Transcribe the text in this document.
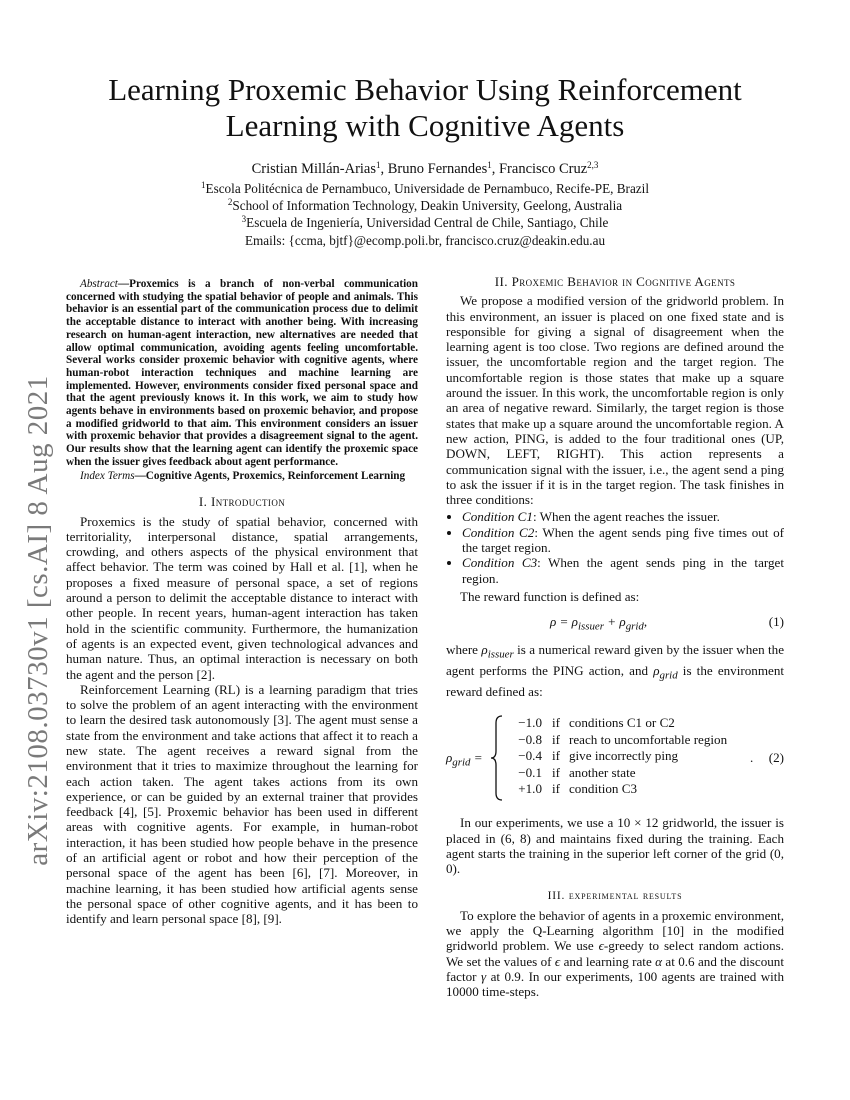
arXiv:2108.03730v1 [cs.AI] 8 Aug 2021
Learning Proxemic Behavior Using Reinforcement
Learning with Cognitive Agents
Cristian Millán-Arias$^1$, Bruno Fernandes$^1$, Francisco Cruz$^{2,3}$
$^1$Escola Politécnica de Pernambuco, Universidade de Pernambuco, Recife-PE, Brazil
$^2$School of Information Technology, Deakin University, Geelong, Australia
$^3$Escuela de Ingeniería, Universidad Central de Chile, Santiago, Chile
Emails: {ccma, bjtf}@ecomp.poli.br, francisco.cruz@deakin.edu.au

Abstract—Proxemics is a branch of non-verbal communication concerned with studying the spatial behavior of people and animals. This behavior is an essential part of the communication process due to delimit the acceptable distance to interact with another being. With increasing research on human-agent interaction, new alternatives are needed that allow optimal communication, avoiding agents feeling uncomfortable. Several works consider proxemic behavior with cognitive agents, where human-robot interaction techniques and machine learning are implemented. However, environments consider fixed personal space and that the agent previously knows it. In this work, we aim to study how agents behave in environments based on proxemic behavior, and propose a modified gridworld to that aim. This environment considers an issuer with proxemic behavior that provides a disagreement signal to the agent. Our results show that the learning agent can identify the proxemic space when the issuer gives feedback about agent performance.

Index Terms—Cognitive Agents, Proxemics, Reinforcement Learning

I. Introduction

Proxemics is the study of spatial behavior, concerned with territoriality, interpersonal distance, spatial arrangements, crowding, and others aspects of the physical environment that affect behavior. The term was coined by Hall et al. [1], when he proposes a fixed measure of personal space, a set of regions around a person to delimit the acceptable distance to interact with other people. In recent years, human-agent interaction has taken hold in the scientific community. Furthermore, the humanization of agents is an expected event, given technological advances and human nature. Thus, an optimal interaction is necessary on both the agent and the person [2].

Reinforcement Learning (RL) is a learning paradigm that tries to solve the problem of an agent interacting with the environment to learn the desired task autonomously [3]. The agent must sense a state from the environment and take actions that affect it to reach a new state. The agent receives a reward signal from the environment that it tries to maximize throughout the learning for each action taken. The agent takes actions from its own experience, or can be guided by an external trainer that provides feedback [4], [5]. Proxemic behavior has been used in different areas with cognitive agents. For example, in human-robot interaction, it has been studied how people behave in the presence of an artificial agent or robot and how their perception of the personal space of the agent has been [6], [7]. Moreover, in machine learning, it has been studied how artificial agents sense the personal space of other cognitive agents, and it has been to identify and learn personal space [8], [9].

II. Proxemic Behavior in Cognitive Agents

We propose a modified version of the gridworld problem. In this environment, an issuer is placed on one fixed state and is responsible for giving a signal of disagreement when the learning agent is too close. Two regions are defined around the issuer, the uncomfortable region and the target region. The uncomfortable region is those states that make up a square around the issuer. In this work, the uncomfortable region is only an area of negative reward. Similarly, the target region is those states that make up a square around the uncomfortable region. A new action, PING, is added to the four traditional ones (UP, DOWN, LEFT, RIGHT). This action represents a communication signal with the issuer, i.e., the agent send a ping to ask the issuer if it is in the target region. The task finishes in three conditions:

• Condition C1: When the agent reaches the issuer.
• Condition C2: When the agent sends ping five times out of the target region.
• Condition C3: When the agent sends ping in the target region.

The reward function is defined as:

$\rho = \rho_{issuer} + \rho_{grid}$,	(1)

where $\rho_{issuer}$ is a numerical reward given by the issuer when the agent performs the PING action, and $\rho_{grid}$ is the environment reward defined as:

$\rho_{grid}$ =
−1.0	if	conditions C1 or C2
−0.8	if	reach to uncomfortable region
−0.4	if	give incorrectly ping
−0.1	if	another state
+1.0	if	condition C3
. (2)

In our experiments, we use a 10 × 12 gridworld, the issuer is placed in (6, 8) and maintains fixed during the training. Each agent starts the training in the superior left corner of the grid (0, 0).

III. experimental results

To explore the behavior of agents in a proxemic environment, we apply the Q-Learning algorithm [10] in the modified gridworld problem. We use ϵ-greedy to select random actions. We set the values of ϵ and learning rate α at 0.6 and the discount factor γ at 0.9. In our experiments, 100 agents are trained with 10000 time-steps.
